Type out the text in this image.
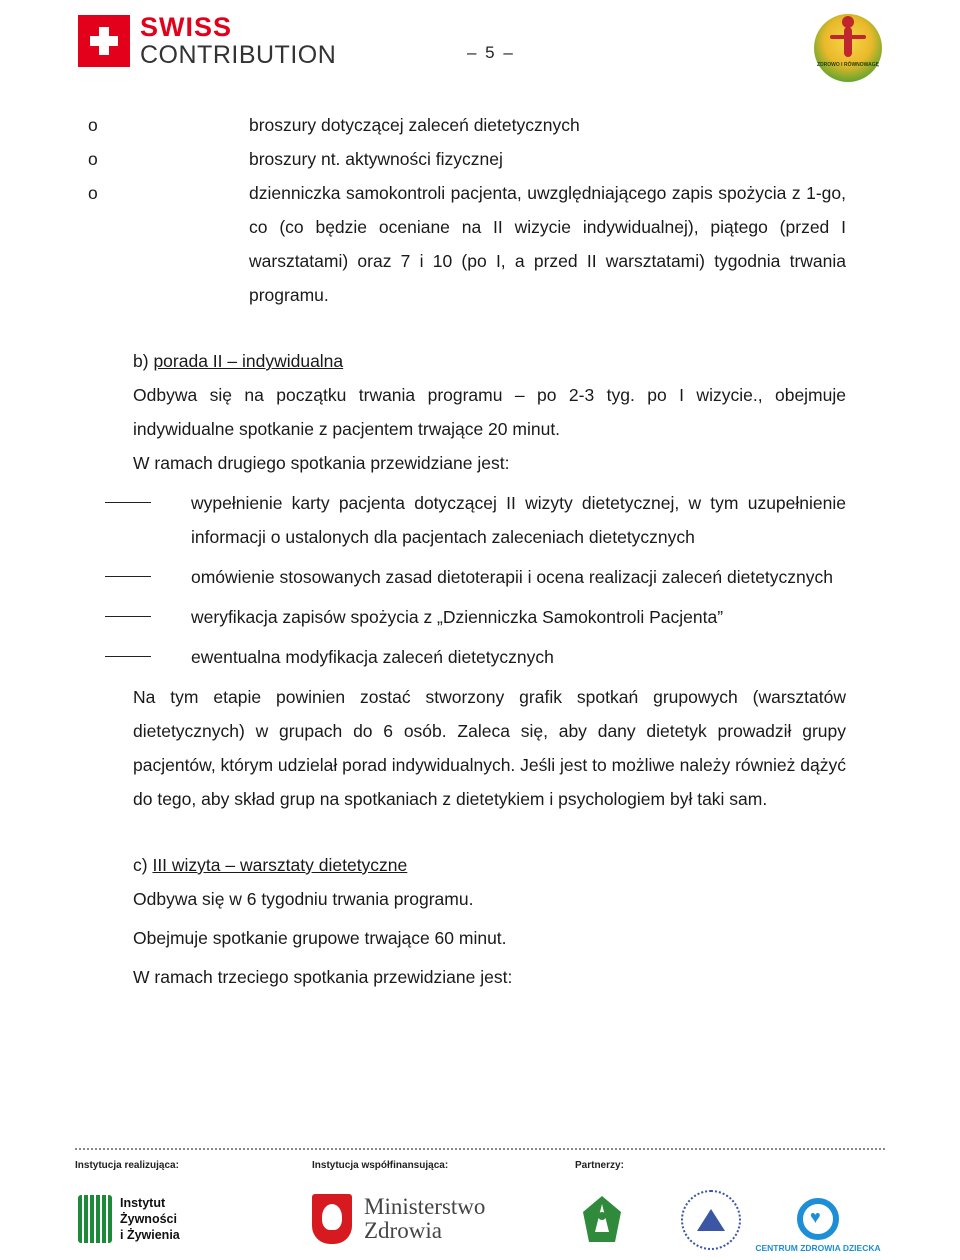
SWISS
CONTRIBUTION	– 5 –
ZDROWO I RÓWNOWAGĘ
o	broszury dotyczącej zaleceń dietetycznych
o	broszury nt. aktywności fizycznej
o	dzienniczka samokontroli pacjenta, uwzględniającego zapis spożycia z 1-go, co (co będzie oceniane na II wizycie indywidualnej), piątego (przed I warsztatami) oraz 7 i 10 (po I, a przed II warsztatami) tygodnia trwania programu.

b) porada II – indywidualna

Odbywa się na początku trwania programu – po 2-3 tyg. po I wizycie., obejmuje indywidualne spotkanie z pacjentem trwające 20 minut.

W ramach drugiego spotkania przewidziane jest:

wypełnienie karty pacjenta dotyczącej II wizyty dietetycznej, w tym uzupełnienie informacji o ustalonych dla pacjentach zaleceniach dietetycznych
omówienie stosowanych zasad dietoterapii i ocena realizacji zaleceń dietetycznych
weryfikacja zapisów spożycia z „Dzienniczka Samokontroli Pacjenta”
ewentualna modyfikacja zaleceń dietetycznych

Na tym etapie powinien zostać stworzony grafik spotkań grupowych (warsztatów dietetycznych) w grupach do 6 osób. Zaleca się, aby dany dietetyk prowadził grupy pacjentów, którym udzielał porad indywidualnych. Jeśli jest to możliwe należy również dążyć do tego, aby skład grup na spotkaniach z dietetykiem i psychologiem był taki sam.

c) III wizyta – warsztaty dietetyczne

Odbywa się w 6 tygodniu trwania programu.

Obejmuje spotkanie grupowe trwające 60 minut.

W ramach trzeciego spotkania przewidziane jest:

Instytucja realizująca:	Instytucja współfinansująca:	Partnerzy:
Instytut
Żywności
i Żywienia
Ministerstwo
Zdrowia
♥
CENTRUM ZDROWIA DZIECKA
